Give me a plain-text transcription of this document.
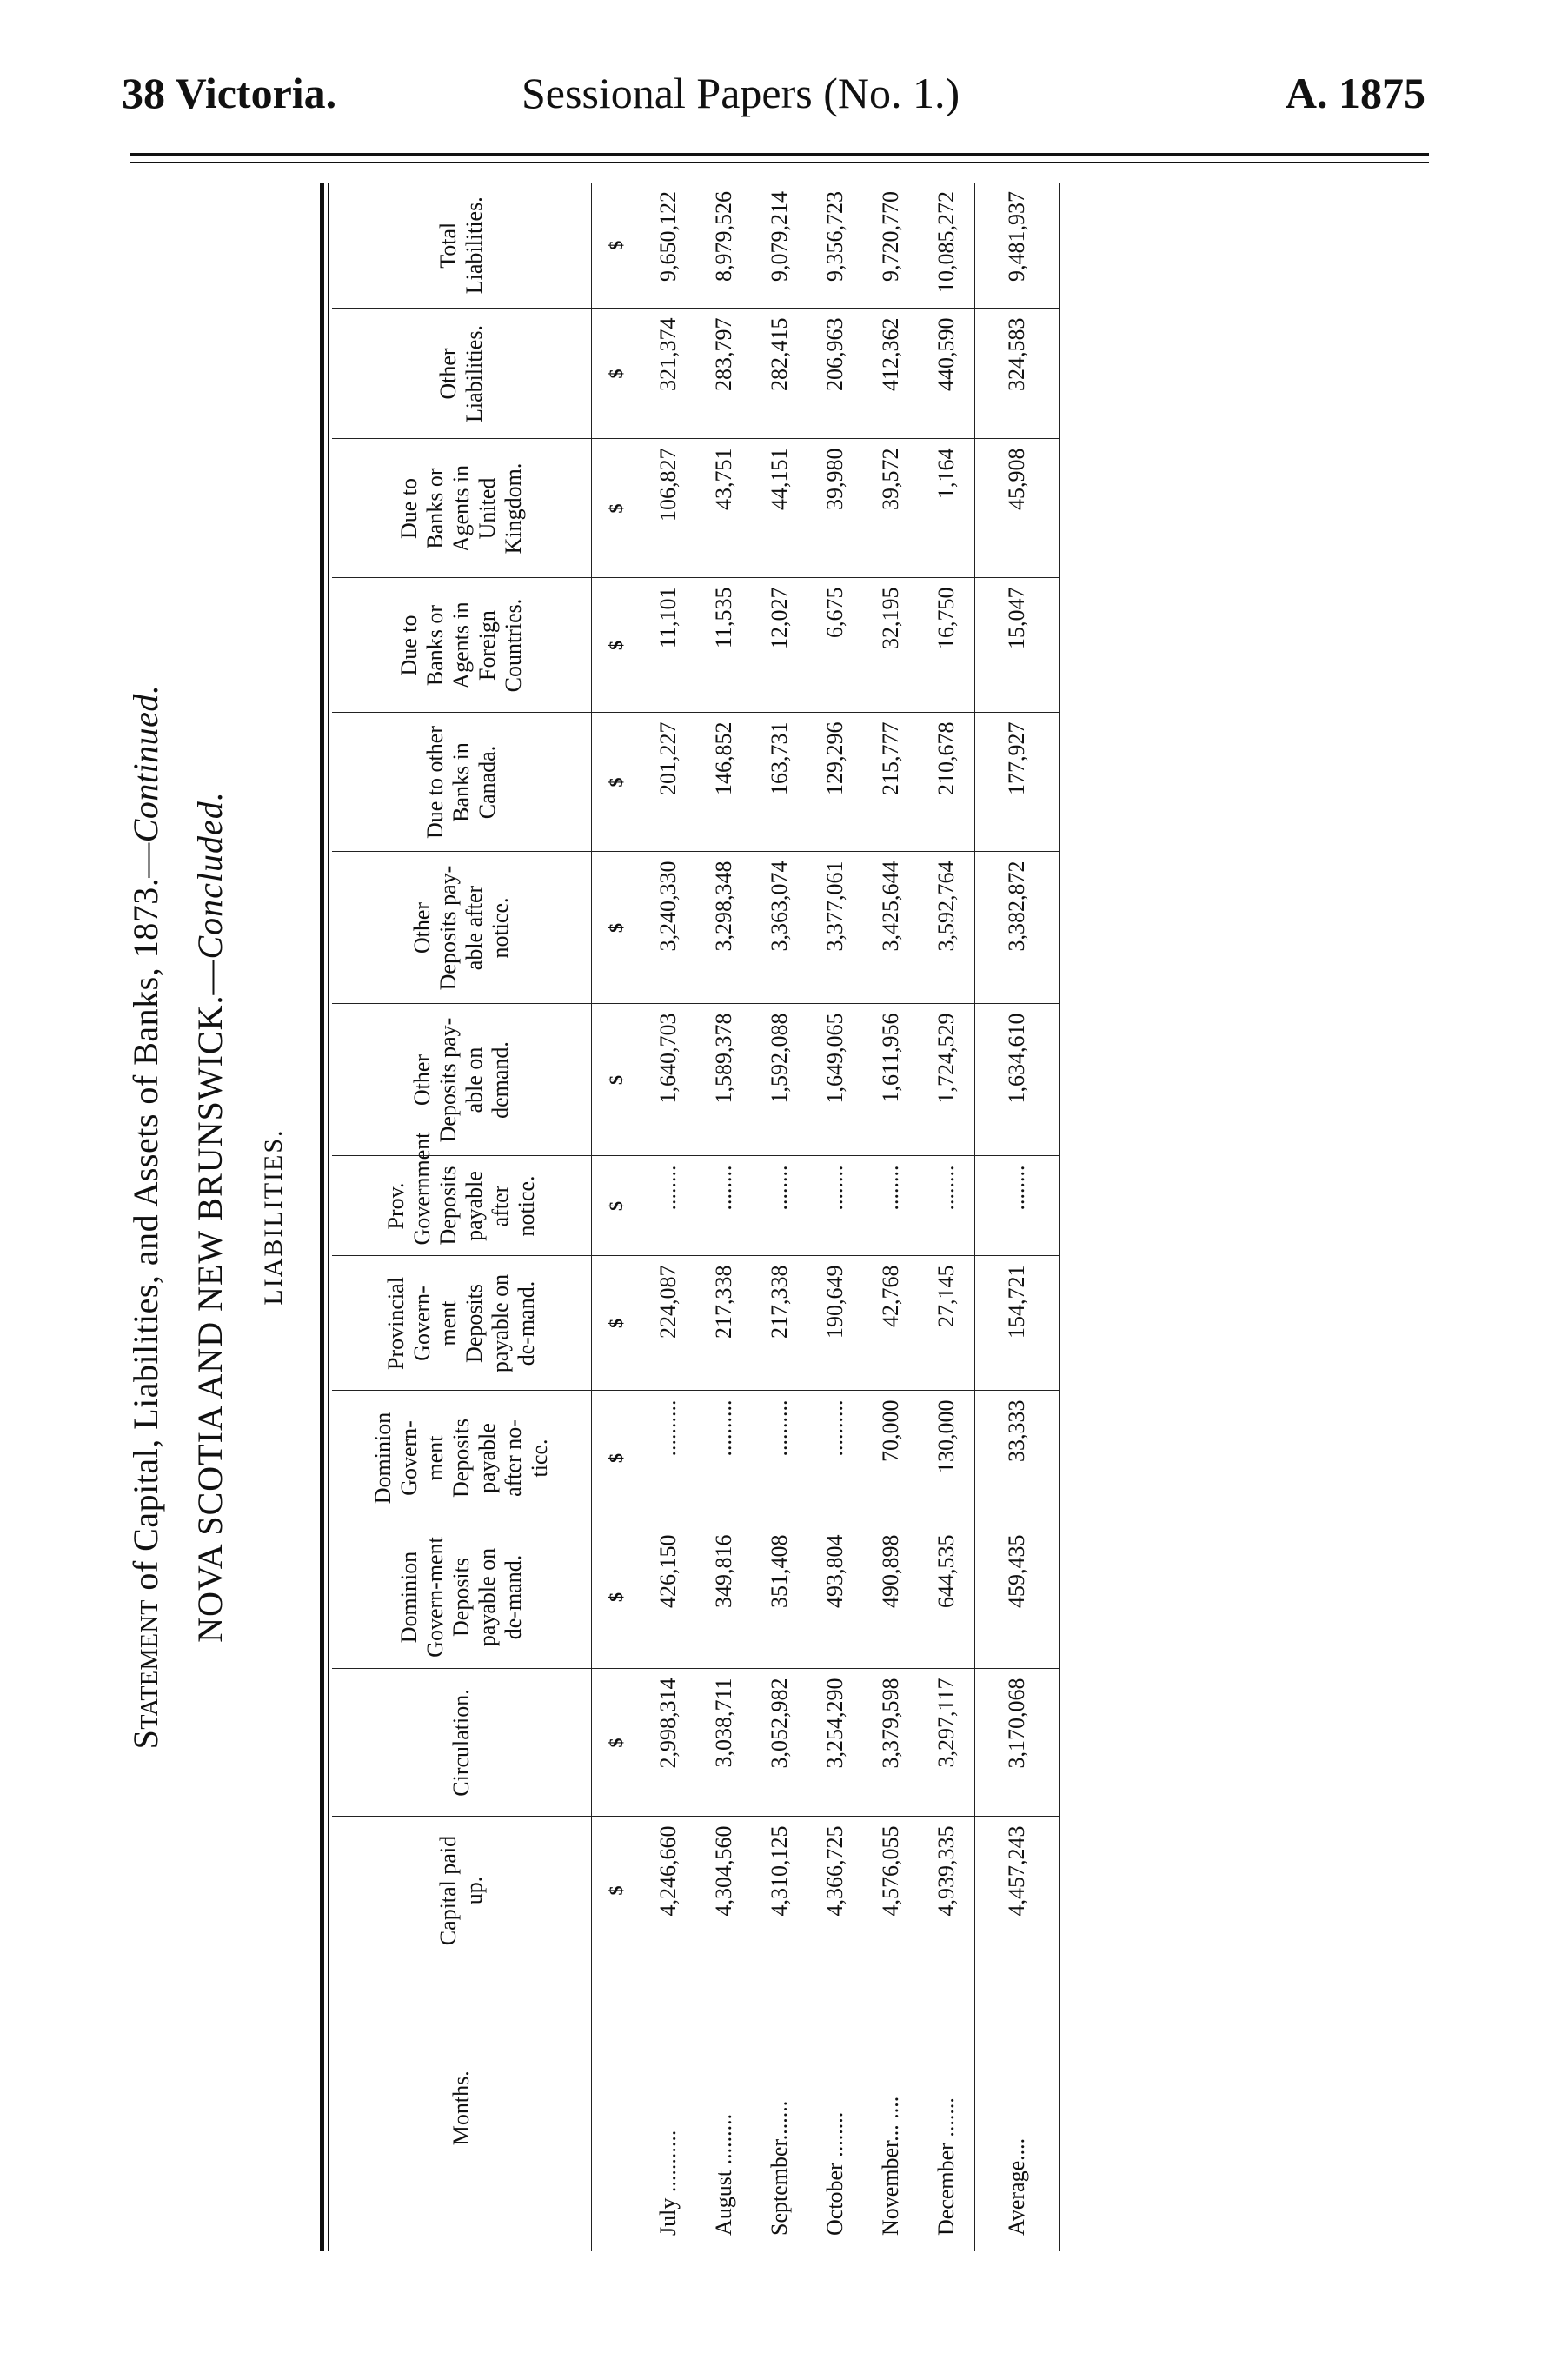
38 Victoria.	Sessional Papers (No. 1.)	A. 1875
Statement of Capital, Liabilities, and Assets of Banks, 1873.—Continued.
NOVA SCOTIA AND NEW BRUNSWICK.—Concluded.
LIABILITIES.
Months.	Capital paid up.	Circulation.	Dominion Govern-ment Deposits payable on de-mand.	Dominion Govern-ment Deposits payable after no-tice.	Provincial Govern-ment Deposits payable on de-mand.	Prov. Government Deposits payable after notice.	Other Deposits pay-able on demand.	Other Deposits pay-able after notice.	Due to other Banks in Canada.	Due to Banks or Agents in Foreign Countries.	Due to Banks or Agents in United Kingdom.	Other Liabilities.	Total Liabilities.
	$	$	$	$	$	$	$	$	$	$	$	$	$
July ...........	4,246,660	2,998,314	426,150	..........	224,087	........	1,640,703	3,240,330	201,227	11,101	106,827	321,374	9,650,122
August .........	4,304,560	3,038,711	349,816	..........	217,338	........	1,589,378	3,298,348	146,852	11,535	43,751	283,797	8,979,526
September.......	4,310,125	3,052,982	351,408	..........	217,338	........	1,592,088	3,363,074	163,731	12,027	44,151	282,415	9,079,214
October ........	4,366,725	3,254,290	493,804	..........	190,649	........	1,649,065	3,377,061	129,296	6,675	39,980	206,963	9,356,723
November... ....	4,576,055	3,379,598	490,898	70,000	42,768	........	1,611,956	3,425,644	215,777	32,195	39,572	412,362	9,720,770
December .......	4,939,335	3,297,117	644,535	130,000	27,145	........	1,724,529	3,592,764	210,678	16,750	1,164	440,590	10,085,272
Average....	4,457,243	3,170,068	459,435	33,333	154,721	........	1,634,610	3,382,872	177,927	15,047	45,908	324,583	9,481,937
